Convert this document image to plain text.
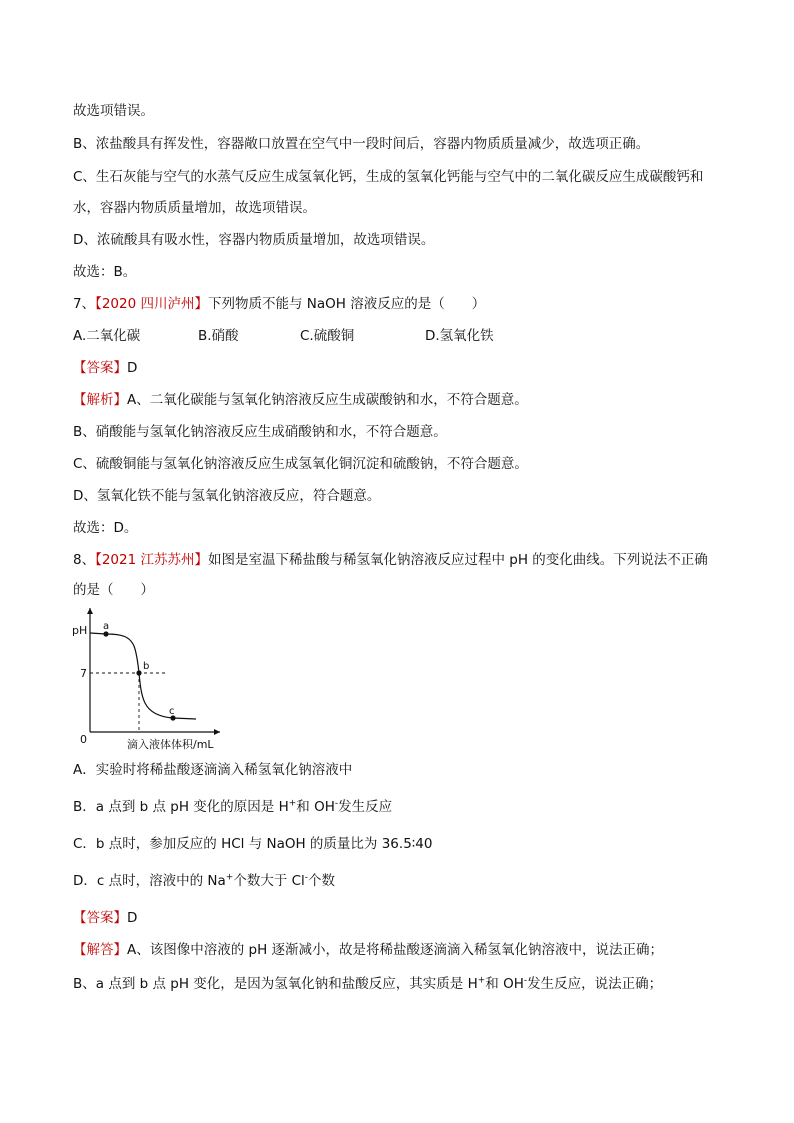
故选项错误。
B、浓盐酸具有挥发性，容器敞口放置在空气中一段时间后，容器内物质质量减少，故选项正确。
C、生石灰能与空气的水蒸气反应生成氢氧化钙，生成的氢氧化钙能与空气中的二氧化碳反应生成碳酸钙和
水，容器内物质质量增加，故选项错误。
D、浓硫酸具有吸水性，容器内物质质量增加，故选项错误。
故选：B。
7、【2020 四川泸州】下列物质不能与 NaOH 溶液反应的是（　　）
A.二氧化碳	B.硝酸	C.硫酸铜	D.氢氧化铁
【答案】D
【解析】A、二氧化碳能与氢氧化钠溶液反应生成碳酸钠和水，不符合题意。
B、硝酸能与氢氧化钠溶液反应生成硝酸钠和水，不符合题意。
C、硫酸铜能与氢氧化钠溶液反应生成氢氧化铜沉淀和硫酸钠，不符合题意。
D、氢氧化铁不能与氢氧化钠溶液反应，符合题意。
故选：D。
8、【2021 江苏苏州】如图是室温下稀盐酸与稀氢氧化钠溶液反应过程中 pH 的变化曲线。下列说法不正确
的是（　　）
pH
7
0
a
b
c
滴入液体体积/mL
A．实验时将稀盐酸逐滴滴入稀氢氧化钠溶液中
B．a 点到 b 点 pH 变化的原因是 H+和 OH-发生反应
C．b 点时，参加反应的 HCl 与 NaOH 的质量比为 36.5∶40
D．c 点时，溶液中的 Na+个数大于 Cl-个数
【答案】D
【解答】A、该图像中溶液的 pH 逐渐减小，故是将稀盐酸逐滴滴入稀氢氧化钠溶液中，说法正确；
B、a 点到 b 点 pH 变化，是因为氢氧化钠和盐酸反应，其实质是 H+和 OH-发生反应，说法正确；
